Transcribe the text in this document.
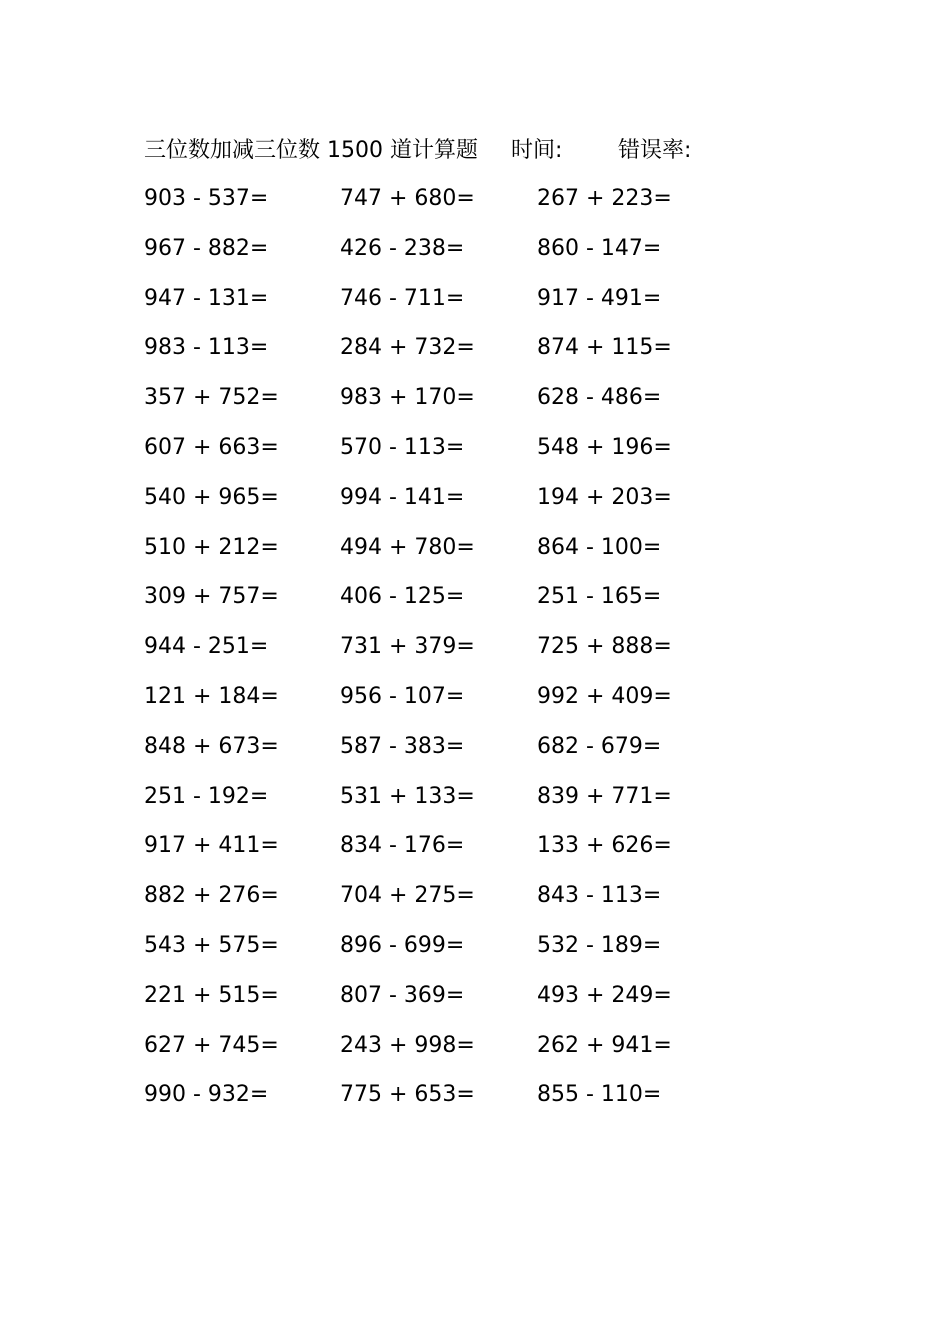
三位数加减三位数 1500 道计算题 时间:	错误率:
903 - 537=	747 + 680=	267 + 223=
967 - 882=	426 - 238=	860 - 147=
947 - 131=	746 - 711=	917 - 491=
983 - 113=	284 + 732=	874 + 115=
357 + 752=	983 + 170=	628 - 486=
607 + 663=	570 - 113=	548 + 196=
540 + 965=	994 - 141=	194 + 203=
510 + 212=	494 + 780=	864 - 100=
309 + 757=	406 - 125=	251 - 165=
944 - 251=	731 + 379=	725 + 888=
121 + 184=	956 - 107=	992 + 409=
848 + 673=	587 - 383=	682 - 679=
251 - 192=	531 + 133=	839 + 771=
917 + 411=	834 - 176=	133 + 626=
882 + 276=	704 + 275=	843 - 113=
543 + 575=	896 - 699=	532 - 189=
221 + 515=	807 - 369=	493 + 249=
627 + 745=	243 + 998=	262 + 941=
990 - 932=	775 + 653=	855 - 110=
